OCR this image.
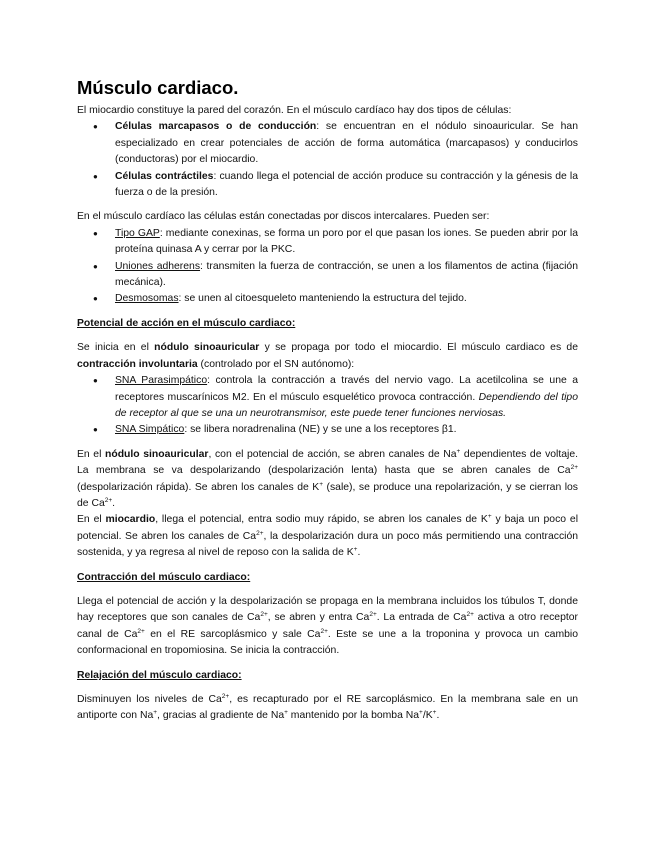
Músculo cardiaco.

El miocardio constituye la pared del corazón. En el músculo cardíaco hay dos tipos de células:

● Células marcapasos o de conducción: se encuentran en el nódulo sinoauricular. Se han especializado en crear potenciales de acción de forma automática (marcapasos) y conducirlos (conductoras) por el miocardio.
● Células contráctiles: cuando llega el potencial de acción produce su contracción y la génesis de la fuerza o de la presión.

En el músculo cardíaco las células están conectadas por discos intercalares. Pueden ser:

● Tipo GAP: mediante conexinas, se forma un poro por el que pasan los iones. Se pueden abrir por la proteína quinasa A y cerrar por la PKC.
● Uniones adherens: transmiten la fuerza de contracción, se unen a los filamentos de actina (fijación mecánica).
● Desmosomas: se unen al citoesqueleto manteniendo la estructura del tejido.

Potencial de acción en el músculo cardiaco:

Se inicia en el nódulo sinoauricular y se propaga por todo el miocardio. El músculo cardiaco es de contracción involuntaria (controlado por el SN autónomo):

● SNA Parasimpático: controla la contracción a través del nervio vago. La acetilcolina se une a receptores muscarínicos M2. En el músculo esquelético provoca contracción. Dependiendo del tipo de receptor al que se una un neurotransmisor, este puede tener funciones nerviosas.
● SNA Simpático: se libera noradrenalina (NE) y se une a los receptores β1.

En el nódulo sinoauricular, con el potencial de acción, se abren canales de Na+ dependientes de voltaje. La membrana se va despolarizando (despolarización lenta) hasta que se abren canales de $Ca^{2+}$ (despolarización rápida). Se abren los canales de K+ (sale), se produce una repolarización, y se cierran los de $Ca^{2+}$.

En el miocardio, llega el potencial, entra sodio muy rápido, se abren los canales de K+ y baja un poco el potencial. Se abren los canales de $Ca^{2+}$, la despolarización dura un poco más permitiendo una contracción sostenida, y ya regresa al nivel de reposo con la salida de K+.

Contracción del músculo cardiaco:

Llega el potencial de acción y la despolarización se propaga en la membrana incluidos los túbulos T, donde hay receptores que son canales de $Ca^{2+}$, se abren y entra $Ca^{2+}$. La entrada de $Ca^{2+}$ activa a otro receptor canal de $Ca^{2+}$ en el RE sarcoplásmico y sale $Ca^{2+}$. Este se une a la troponina y provoca un cambio conformacional en tropomiosina. Se inicia la contracción.

Relajación del músculo cardiaco:

Disminuyen los niveles de $Ca^{2+}$, es recapturado por el RE sarcoplásmico. En la membrana sale en un antiporte con Na+, gracias al gradiente de Na+ mantenido por la bomba Na+/K+.
